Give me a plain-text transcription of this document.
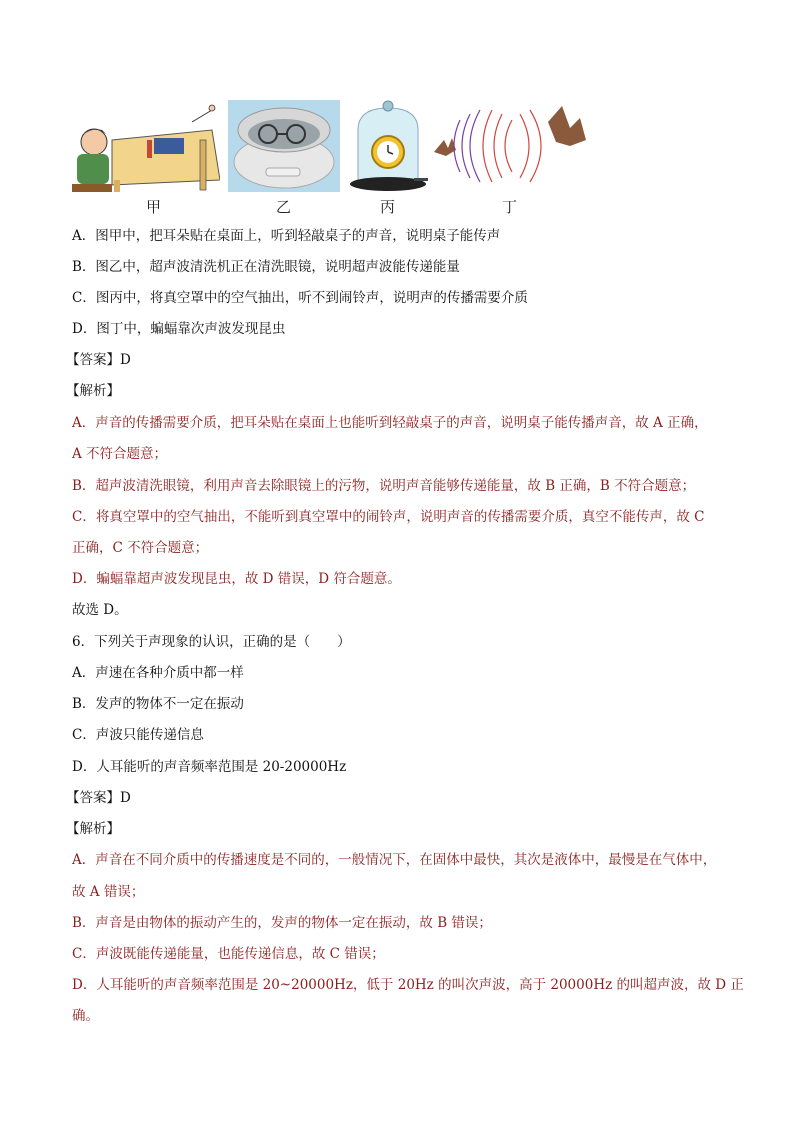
甲	乙	丙	丁
A．图甲中，把耳朵贴在桌面上，听到轻敲桌子的声音，说明桌子能传声
B．图乙中，超声波清洗机正在清洗眼镜，说明超声波能传递能量
C．图丙中，将真空罩中的空气抽出，听不到闹铃声，说明声的传播需要介质
D．图丁中，蝙蝠靠次声波发现昆虫
【答案】D
【解析】
A．声音的传播需要介质，把耳朵贴在桌面上也能听到轻敲桌子的声音，说明桌子能传播声音，故 A 正确，
A 不符合题意；
B．超声波清洗眼镜，利用声音去除眼镜上的污物，说明声音能够传递能量，故 B 正确，B 不符合题意；
C．将真空罩中的空气抽出，不能听到真空罩中的闹铃声，说明声音的传播需要介质，真空不能传声，故 C
正确，C 不符合题意；
D．蝙蝠靠超声波发现昆虫，故 D 错误，D 符合题意。
故选 D。
6．下列关于声现象的认识，正确的是（　　）
A．声速在各种介质中都一样
B．发声的物体不一定在振动
C．声波只能传递信息
D．人耳能听的声音频率范围是 20-20000Hz
【答案】D
【解析】
A．声音在不同介质中的传播速度是不同的，一般情况下，在固体中最快，其次是液体中，最慢是在气体中，
故 A 错误；
B．声音是由物体的振动产生的，发声的物体一定在振动，故 B 错误；
C．声波既能传递能量，也能传递信息，故 C 错误；
D．人耳能听的声音频率范围是 20~20000Hz，低于 20Hz 的叫次声波，高于 20000Hz 的叫超声波，故 D 正
确。
